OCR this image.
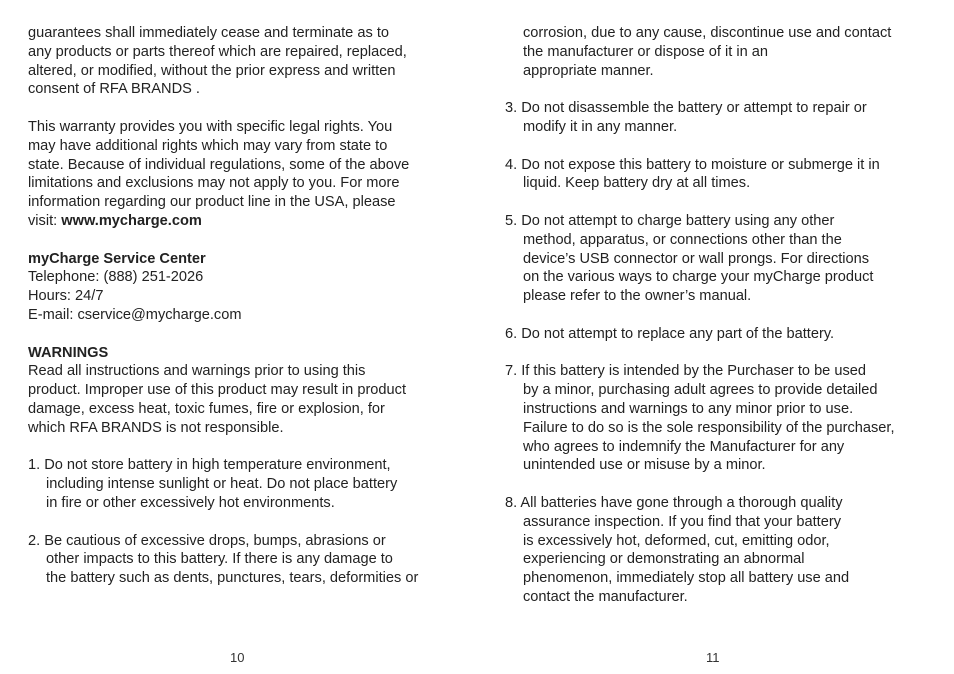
guarantees shall immediately cease and terminate as to
any products or parts thereof which are repaired, replaced,
altered, or modified, without the prior express and written
consent of RFA BRANDS .

This warranty provides you with specific legal rights. You
may have additional rights which may vary from state to
state. Because of individual regulations, some of the above
limitations and exclusions may not apply to you. For more
information regarding our product line in the USA, please
visit: www.mycharge.com

myCharge Service Center
Telephone: (888) 251-2026
Hours: 24/7
E-mail: cservice@mycharge.com

WARNINGS
Read all instructions and warnings prior to using this
product. Improper use of this product may result in product
damage, excess heat, toxic fumes, fire or explosion, for
which RFA BRANDS is not responsible.

1. Do not store battery in high temperature environment,
including intense sunlight or heat. Do not place battery
in fire or other excessively hot environments.

2. Be cautious of excessive drops, bumps, abrasions or
other impacts to this battery. If there is any damage to
the battery such as dents, punctures, tears, deformities or

10

corrosion, due to any cause, discontinue use and contact
the manufacturer or dispose of it in an
appropriate manner.

3. Do not disassemble the battery or attempt to repair or
modify it in any manner.

4. Do not expose this battery to moisture or submerge it in
liquid. Keep battery dry at all times.

5. Do not attempt to charge battery using any other
method, apparatus, or connections other than the
device’s USB connector or wall prongs. For directions
on the various ways to charge your myCharge product
please refer to the owner’s manual.

6. Do not attempt to replace any part of the battery.

7. If this battery is intended by the Purchaser to be used
by a minor, purchasing adult agrees to provide detailed
instructions and warnings to any minor prior to use.
Failure to do so is the sole responsibility of the purchaser,
who agrees to indemnify the Manufacturer for any
unintended use or misuse by a minor.

8. All batteries have gone through a thorough quality
assurance inspection. If you find that your battery
is excessively hot, deformed, cut, emitting odor,
experiencing or demonstrating an abnormal
phenomenon, immediately stop all battery use and
contact the manufacturer.

11
